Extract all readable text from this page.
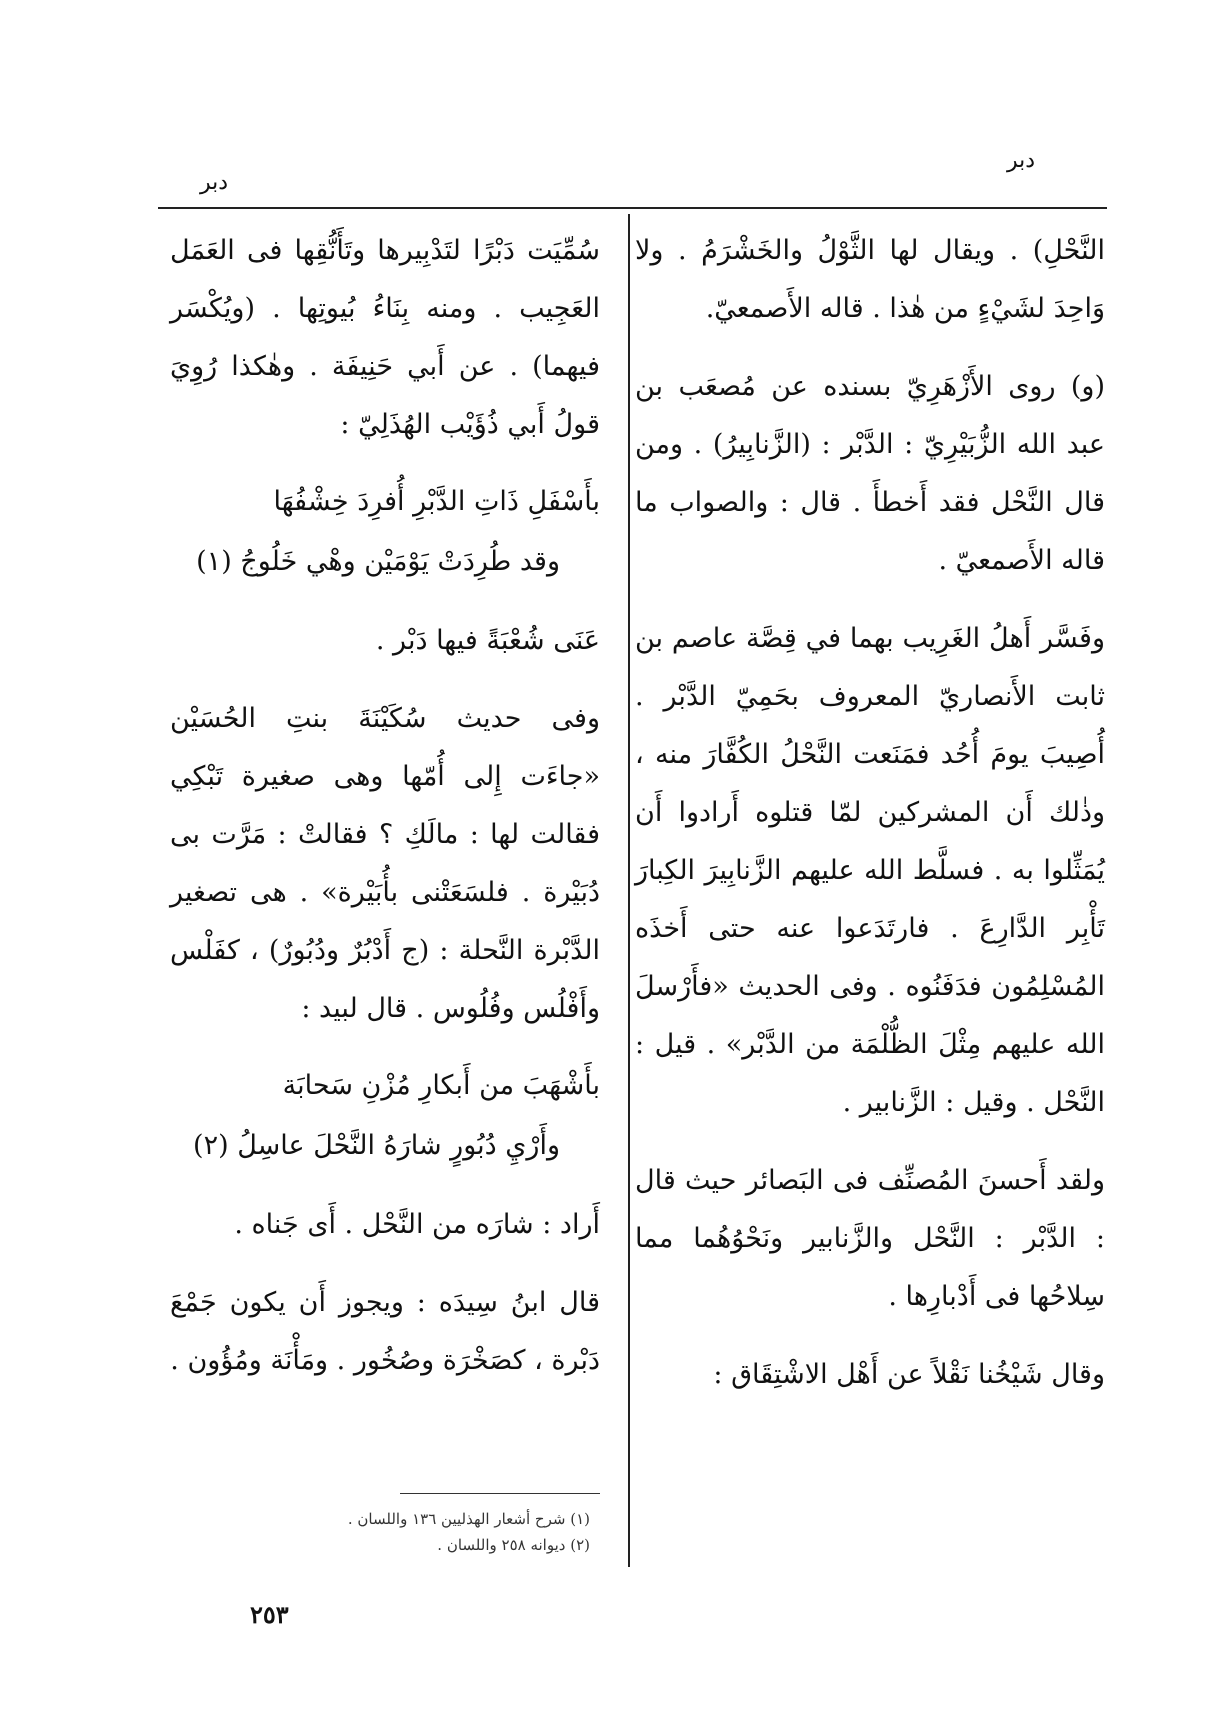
دبر
دبر

النَّحْلِ) . ويقال لها الثَّوْلُ والخَشْرَمُ . ولا وَاحِدَ لشَيْءٍ من هٰذا . قاله الأَصمعيّ.

(و) روى الأَزْهَرِيّ بسنده عن مُصعَب بن عبد الله الزُّبَيْرِيّ : الدَّبْر : (الزَّنابِيرُ) . ومن قال النَّحْل فقد أَخطأَ . قال : والصواب ما قاله الأَصمعيّ .

وفَسَّر أَهلُ الغَرِيب بهما في قِصَّة عاصم بن ثابت الأَنصاريّ المعروف بحَمِيّ الدَّبْر . أُصِيبَ يومَ أُحُد فمَنَعت النَّحْلُ الكُفَّارَ منه ، وذٰلك أَن المشركين لمّا قتلوه أَرادوا أَن يُمَثِّلوا به . فسلَّط الله عليهم الزَّنابِيرَ الكِبارَ تَأْبِر الدَّارِعَ . فارتَدَعوا عنه حتى أَخذَه المُسْلِمُون فدَفَنُوه . وفى الحديث «فأَرْسلَ الله عليهم مِثْلَ الظُّلْمَة من الدَّبْر» . قيل : النَّحْل . وقيل : الزَّنابير .

ولقد أَحسنَ المُصنِّف فى البَصائر حيث قال : الدَّبْر : النَّحْل والزَّنابير ونَحْوُهُما مما سِلاحُها فى أَدْبارِها .

وقال شَيْخُنا نَقْلاً عن أَهْل الاشْتِقَاق :

سُمِّيَت دَبْرًا لتَدْبِيرها وتَأَنُّقِها فى العَمَل العَجِيب . ومنه بِنَاءُ بُيوتِها . (ويُكْسَر فيهما) . عن أَبي حَنِيفَة . وهٰكذا رُوِيَ قولُ أَبي ذُؤَيْب الهُذَلِيّ :

بأَسْفَلِ ذَاتِ الدَّبْرِ أُفرِدَ خِشْفُهَا

وقد طُرِدَتْ يَوْمَيْن وهْي خَلُوجُ (١)

عَنَى شُعْبَةً فيها دَبْر .

وفى حديث سُكَيْنَةَ بنتِ الحُسَيْن «جاءَت إِلى أُمّها وهى صغيرة تَبْكِي فقالت لها : مالَكِ ؟ فقالتْ : مَرَّت بى دُبَيْرة . فلسَعَتْنى بأُبَيْرة» . هى تصغير الدَّبْرة النَّحلة : (ج أَدْبُرٌ ودُبُورٌ) ، كفَلْس وأَفْلُس وفُلُوس . قال لبيد :

بأَشْهَبَ من أَبكارِ مُزْنِ سَحابَة

وأَرْيِ دُبُورٍ شارَهُ النَّحْلَ عاسِلُ (٢)

أَراد : شارَه من النَّحْل . أَى جَناه .

قال ابنُ سِيدَه : ويجوز أَن يكون جَمْعَ دَبْرة ، كصَخْرَة وصُخُور . ومَأْنَة ومُؤُون .

(١) شرح أشعار الهذليين ١٣٦ واللسان .
(٢) ديوانه ٢٥٨ واللسان .
٢٥٣
